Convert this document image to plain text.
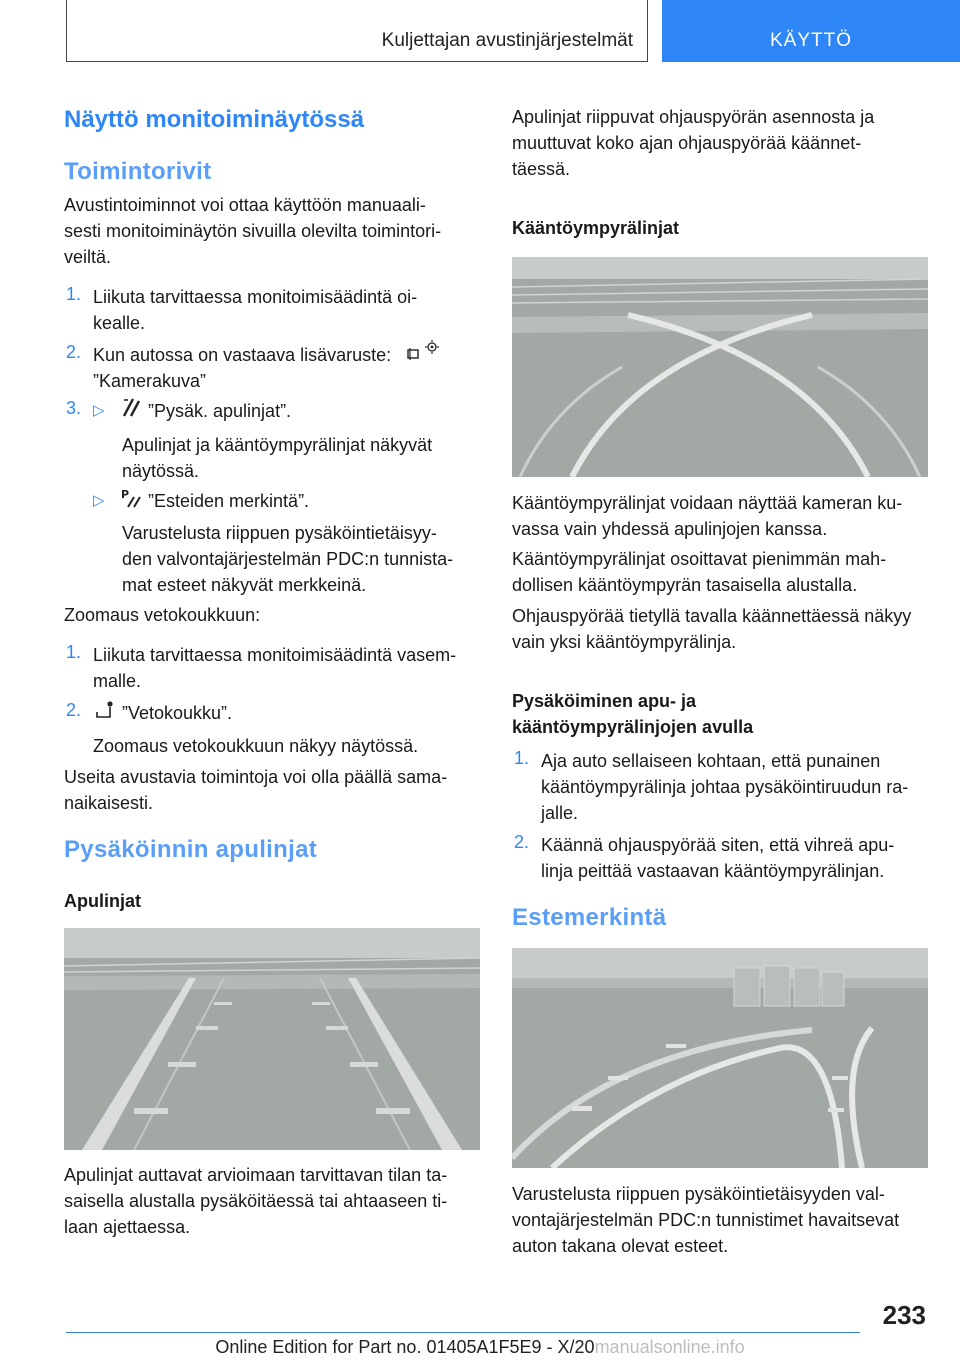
Kuljettajan avustinjärjestelmät	KÄYTTÖ
Näyttö monitoiminäytössä
Toimintorivit

Avustintoiminnot voi ottaa käyttöön manuaali-

sesti monitoiminäytön sivuilla olevilta toimintori-

veiltä.

1. Liikuta tarvittaessa monitoimisäädintä oi-
kealle.
2. Kun autossa on vastaava lisävaruste:
”Kamerakuva”
3. ▷ ”Pysäk. apulinjat”.
Apulinjat ja kääntöympyrälinjat näkyvät
näytössä.
▷ P ”Esteiden merkintä”.
Varustelusta riippuen pysäköintietäisyy-
den valvontajärjestelmän PDC:n tunnista-
mat esteet näkyvät merkkeinä.
Zoomaus vetokoukkuun:
1. Liikuta tarvittaessa monitoimisäädintä vasem-
malle.
2. ”Vetokoukku”.
Zoomaus vetokoukkuun näkyy näytössä.
Useita avustavia toimintoja voi olla päällä sama-
naikaisesti.
Pysäköinnin apulinjat
Apulinjat
Apulinjat auttavat arvioimaan tarvittavan tilan ta-
saisella alustalla pysäköitäessä tai ahtaaseen ti-
laan ajettaessa.
Apulinjat riippuvat ohjauspyörän asennosta ja
muuttuvat koko ajan ohjauspyörää käännet-
täessä.
Kääntöympyrälinjat
Kääntöympyrälinjat voidaan näyttää kameran ku-
vassa vain yhdessä apulinjojen kanssa.
Kääntöympyrälinjat osoittavat pienimmän mah-
dollisen kääntöympyrän tasaisella alustalla.
Ohjauspyörää tietyllä tavalla käännettäessä näkyy
vain yksi kääntöympyrälinja.
Pysäköiminen apu- ja
kääntöympyrälinjojen avulla
1. Aja auto sellaiseen kohtaan, että punainen
kääntöympyrälinja johtaa pysäköintiruudun ra-
jalle.
2. Käännä ohjauspyörää siten, että vihreä apu-
linja peittää vastaavan kääntöympyrälinjan.
Estemerkintä
Varustelusta riippuen pysäköintietäisyyden val-
vontajärjestelmän PDC:n tunnistimet havaitsevat
auton takana olevat esteet.
233
Online Edition for Part no. 01405A1F5E9 - X/20manualsonline.info
